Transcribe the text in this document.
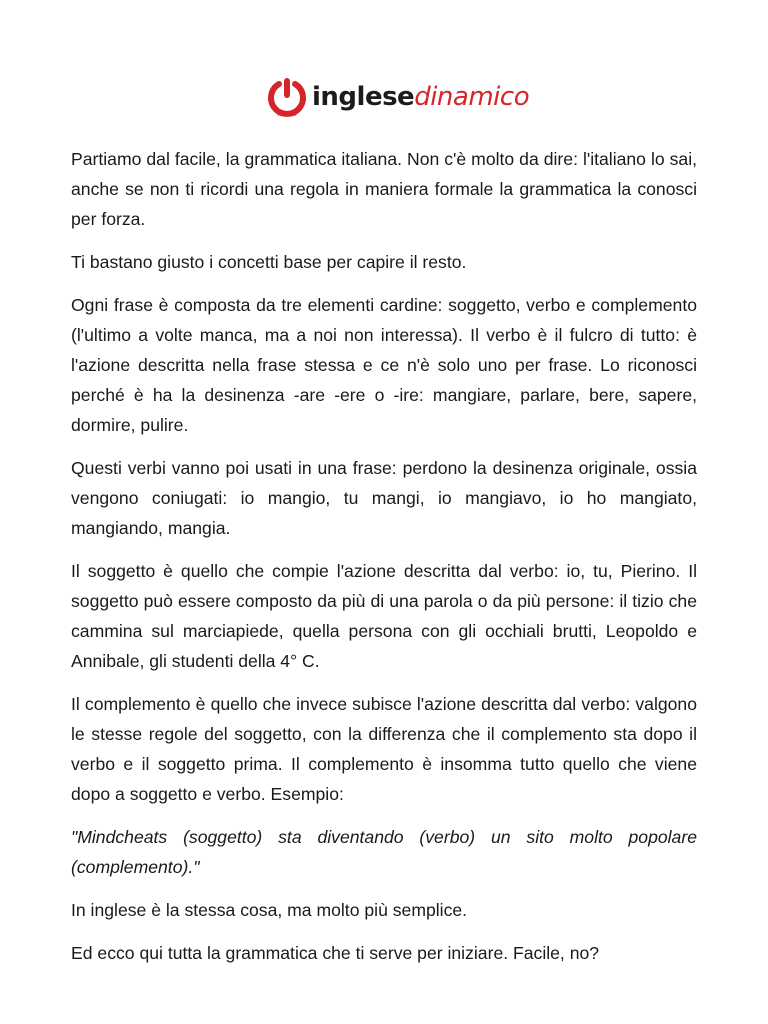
POWER
inglesedinamico

Partiamo dal facile, la grammatica italiana. Non c'è molto da dire: l'italiano lo sai, anche se non ti ricordi una regola in maniera formale la grammatica la conosci per forza.

Ti bastano giusto i concetti base per capire il resto.

Ogni frase è composta da tre elementi cardine: soggetto, verbo e complemento (l'ultimo a volte manca, ma a noi non interessa). Il verbo è il fulcro di tutto: è l'azione descritta nella frase stessa e ce n'è solo uno per frase. Lo riconosci perché è ha la desinenza -are -ere o -ire: mangiare, parlare, bere, sapere, dormire, pulire.

Questi verbi vanno poi usati in una frase: perdono la desinenza originale, ossia vengono coniugati: io mangio, tu mangi, io mangiavo, io ho mangiato, mangiando, mangia.

Il soggetto è quello che compie l'azione descritta dal verbo: io, tu, Pierino. Il soggetto può essere composto da più di una parola o da più persone: il tizio che cammina sul marciapiede, quella persona con gli occhiali brutti, Leopoldo e Annibale, gli studenti della 4° C.

Il complemento è quello che invece subisce l'azione descritta dal verbo: valgono le stesse regole del soggetto, con la differenza che il complemento sta dopo il verbo e il soggetto prima. Il complemento è insomma tutto quello che viene dopo a soggetto e verbo. Esempio:

"Mindcheats (soggetto) sta diventando (verbo) un sito molto popolare (complemento)."

In inglese è la stessa cosa, ma molto più semplice.

Ed ecco qui tutta la grammatica che ti serve per iniziare. Facile, no?
